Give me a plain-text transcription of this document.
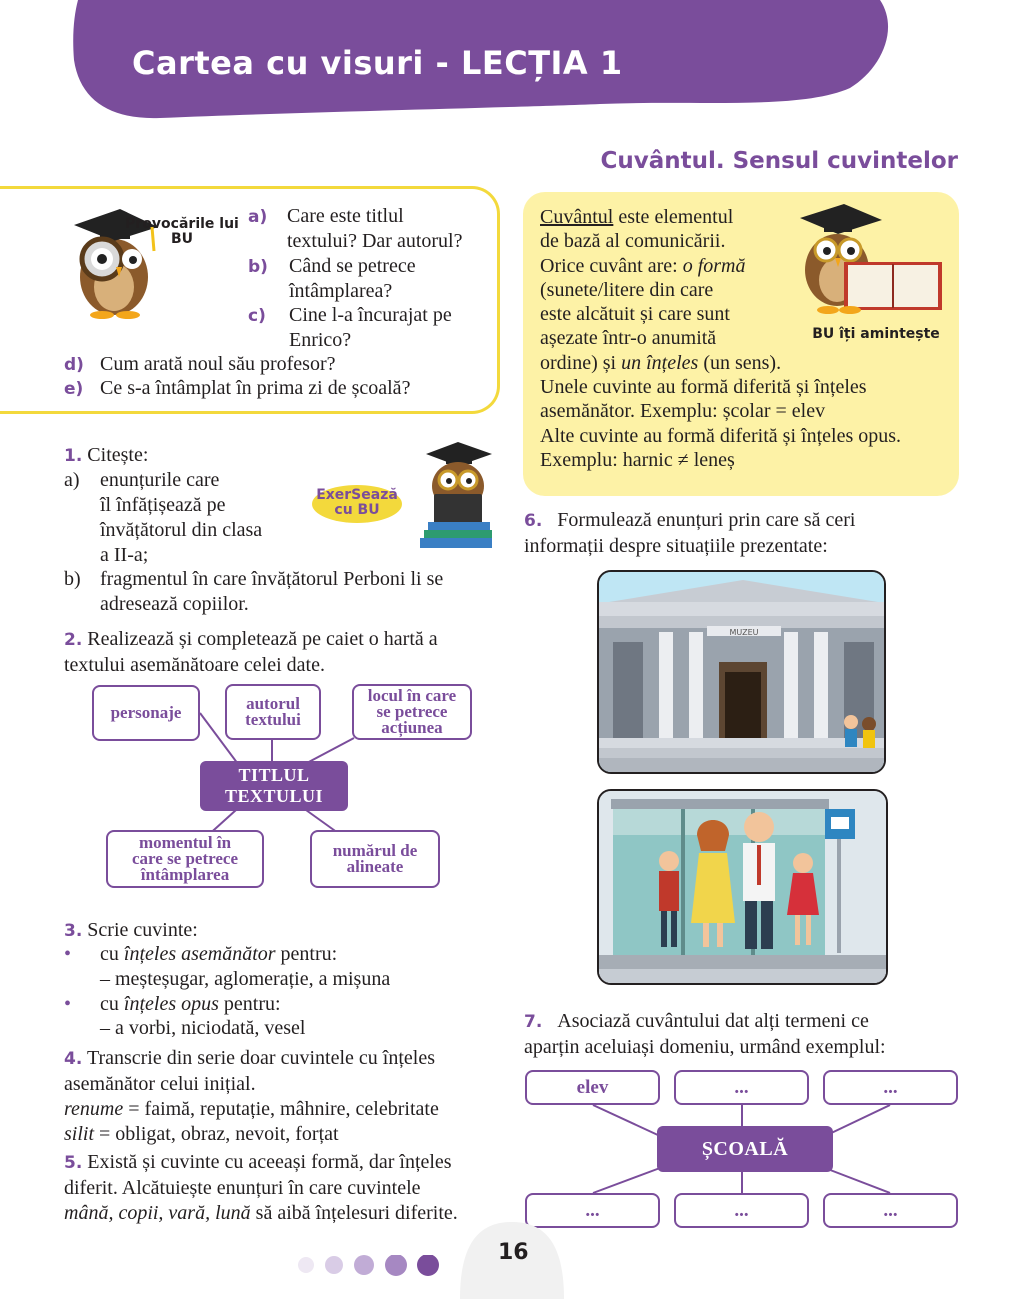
Cartea cu visuri - LECȚIA 1
Cuvântul. Sensul cuvintelor
Provocările lui BU
a) Care este titlul
textului? Dar autorul?
b) Când se petrece
întâmplarea?
c) Cine l-a încurajat pe
Enrico?
d) Cum arată noul său profesor?
e) Ce s-a întâmplat în prima zi de școală?
Cuvântul este elementul
de bază al comunicării.
Orice cuvânt are: o formă
(sunete/litere din care
este alcătuit și care sunt
așezate într-o anumită
ordine) și un înțeles (un sens).
Unele cuvinte au formă diferită și înțeles
asemănător. Exemplu: școlar = elev
Alte cuvinte au formă diferită și înțeles opus.
Exemplu: harnic ≠ leneș
BU îți amintește
1. Citește:
a) enunțurile care
îl înfățișează pe
învățătorul din clasa
a II-a;
b) fragmentul în care învățătorul Perboni li se
adresează copiilor.
ExerSează cu BU
2. Realizează și completează pe caiet o hartă a
textului asemănătoare celei date.
personaje	autorul
textului
locul în care
se petrece
acțiunea
TITLUL
TEXTULUI
momentul în
care se petrece
întâmplarea
numărul de
alineate
3. Scrie cuvinte:
• cu înțeles asemănător pentru:
– meșteșugar, aglomerație, a mișuna
• cu înțeles opus pentru:
– a vorbi, niciodată, vesel
4. Transcrie din serie doar cuvintele cu înțeles
asemănător celui inițial.
renume = faimă, reputație, mâhnire, celebritate
silit = obligat, obraz, nevoit, forțat
5. Există și cuvinte cu aceeași formă, dar înțeles
diferit. Alcătuiește enunțuri în care cuvintele
mână, copii, vară, lună să aibă înțelesuri diferite.
6. Formulează enunțuri prin care să ceri
informații despre situațiile prezentate:
MUZEU
7. Asociază cuvântului dat alți termeni ce
aparțin aceluiași domeniu, urmând exemplul:
elev	...	...
ȘCOALĂ
...	...	...
16
